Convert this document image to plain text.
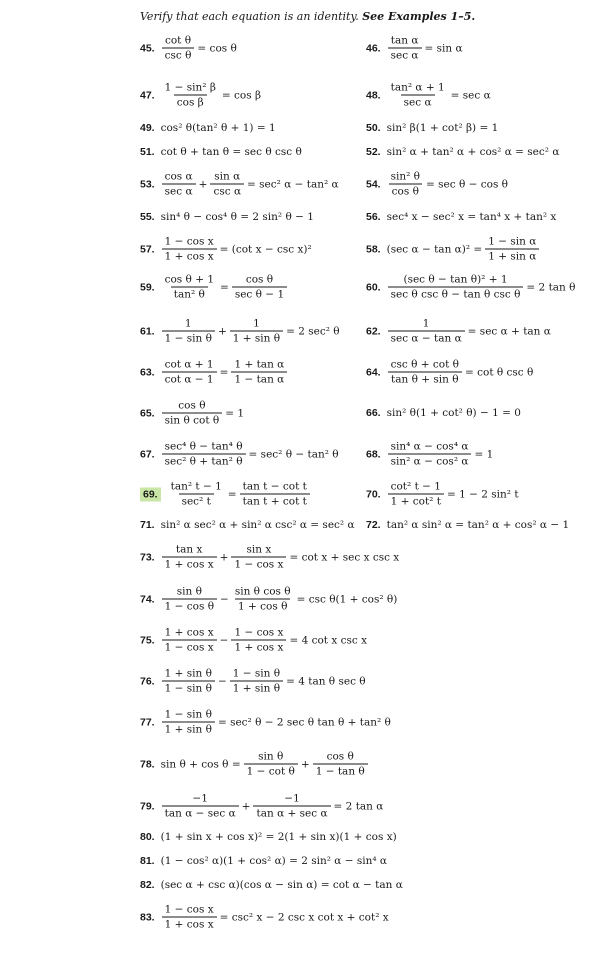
Verify that each equation is an identity. See Examples 1–5.
45. $\frac{\text{cot θ}}{\text{csc θ}} = \cos \theta$	46. $\frac{\text{tan α}}{\text{sec α}} = \sin \alpha$
47. $\frac{\text{1 − sin² β}}{\text{cos β}} = \cos \beta$	48. $\frac{\text{tan² α + 1}}{\text{sec α}} = \sec \alpha$
49. cos² θ(tan² θ + 1) = 1	50. sin² β(1 + cot² β) = 1
51. cot θ + tan θ = sec θ csc θ	52. sin² α + tan² α + cos² α = sec² α
53. $\frac{\text{cos α}}{\text{sec α}} + \frac{\text{sin α}}{\text{csc α}} = \sec^2$ α − tan² α	54. $\frac{\text{sin² θ}}{\text{cos θ}} = \sec \theta - \cos \theta$
55. sin⁴ θ − cos⁴ θ = 2 sin² θ − 1	56. sec⁴ x − sec² x = tan⁴ x + tan² x
57. $\frac{\text{1 − cos x}}{\text{1 + cos x}} = (\cot$ x − csc x)²	58. (sec $\alpha - \tan \alpha)^2 = \frac{\text{1 − sin α}}{\text{1 + sin α}}$
59. $\frac{\text{cos θ + 1}}{\text{tan² θ}} = \frac{\text{cos θ}}{\text{sec θ − 1}}$	60. $\frac{\text{(sec θ − tan θ)² + 1}}{\text{sec θ csc θ − tan θ csc θ}} = 2$ tan θ
61. $\frac{1}{\text{1 − sin θ}} + \frac{1}{\text{1 + sin θ}} = 2$ sec² θ	62. $\frac{1}{\text{sec α − tan α}} = \sec \alpha + \tan \alpha$
63. $\frac{\text{cot α + 1}}{\text{cot α − 1}} = \frac{\text{1 + tan α}}{\text{1 − tan α}}$	64. $\frac{\text{csc θ + cot θ}}{\text{tan θ + sin θ}} = \cot \theta$ csc θ
65. $\frac{\text{cos θ}}{\text{sin θ cot θ}} = 1$	66. sin² θ(1 + cot² θ) − 1 = 0
67. $\frac{\text{sec⁴ θ − tan⁴ θ}}{\text{sec² θ + tan² θ}} = \sec^2$ θ − tan² θ	68. $\frac{\text{sin⁴ α − cos⁴ α}}{\text{sin² α − cos² α}} = 1$
69. $\frac{\text{tan² t − 1}}{\text{sec² t}} = \frac{\text{tan t − cot t}}{\text{tan t + cot t}}$	70. $\frac{\text{cot² t − 1}}{\text{1 + cot² t}} = 1 - 2$ sin² t
71. sin² α sec² α + sin² α csc² α = sec² α 72. tan² α sin² α = tan² α + cos² α − 1
73. $\frac{\text{tan x}}{\text{1 + cos x}} + \frac{\text{sin x}}{\text{1 − cos x}} = \cot x + \sec x$ csc x
74. $\frac{\text{sin θ}}{\text{1 − cos θ}} - \frac{\text{sin θ cos θ}}{\text{1 + cos θ}} = \csc \theta(1 + \cos^2$ θ)
75. $\frac{\text{1 + cos x}}{\text{1 − cos x}} - \frac{\text{1 − cos x}}{\text{1 + cos x}} = 4$ cot x csc x
76. $\frac{\text{1 + sin θ}}{\text{1 − sin θ}} - \frac{\text{1 − sin θ}}{\text{1 + sin θ}} = 4$ tan θ sec θ
77. $\frac{\text{1 − sin θ}}{\text{1 + sin θ}} = \sec^2$ θ − 2 sec θ tan θ + tan² θ
78. $\sin \theta + \cos \theta = \frac{\text{sin θ}}{\text{1 − cot θ}} + \frac{\text{cos θ}}{\text{1 − tan θ}}$
79. $\frac{-1}{\text{tan α − sec α}} + \frac{-1}{\text{tan α + sec α}} = 2$ tan α
80. (1 + sin x + cos x)² = 2(1 + sin x)(1 + cos x)
81. (1 − cos² α)(1 + cos² α) = 2 sin² α − sin⁴ α
82. (sec α + csc α)(cos α − sin α) = cot α − tan α
83. $\frac{\text{1 − cos x}}{\text{1 + cos x}} = \csc^2$ x − 2 csc x cot x + cot² x
